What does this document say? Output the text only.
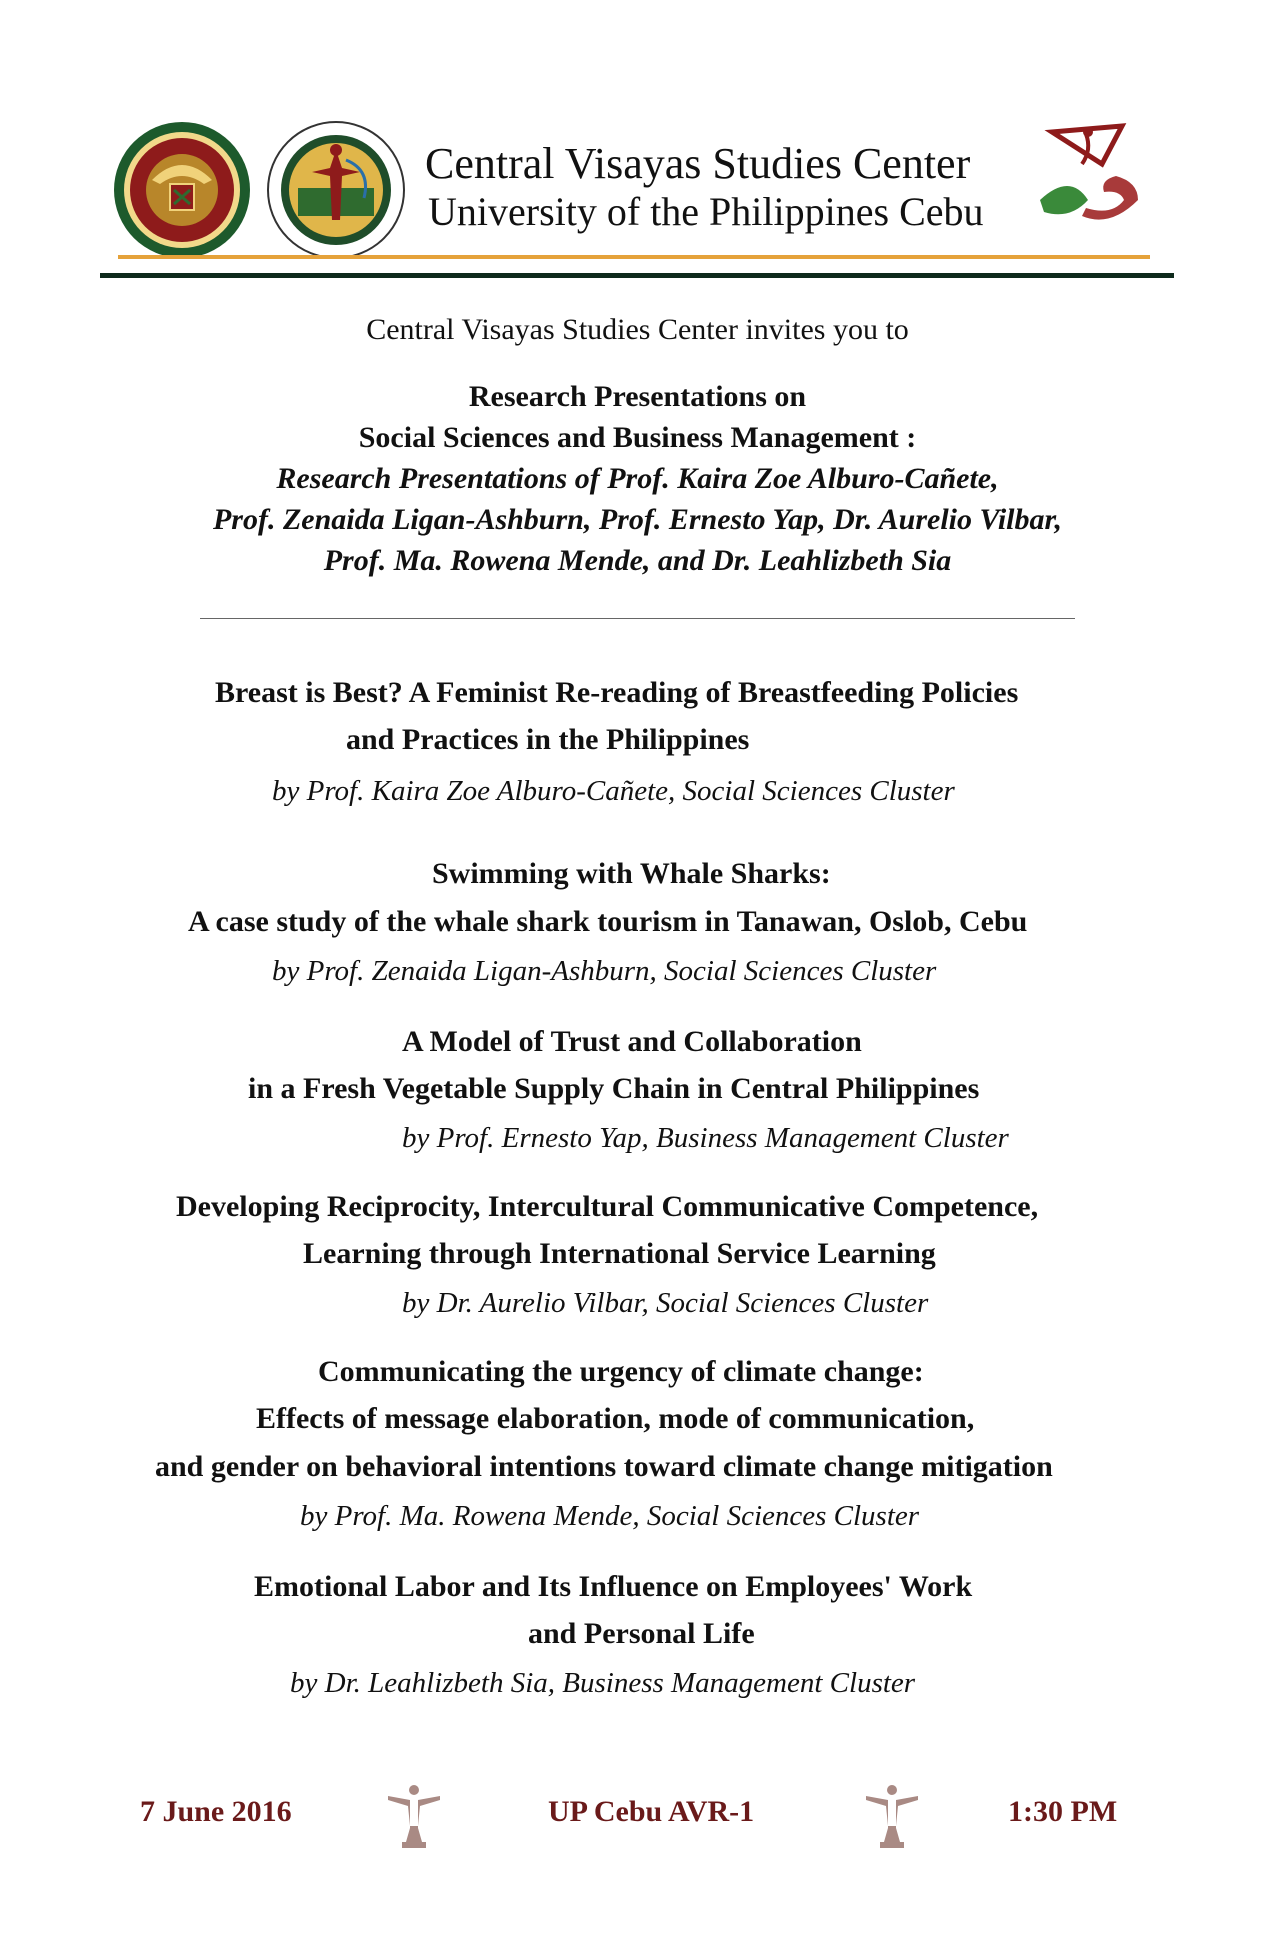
Central Visayas Studies Center
University of the Philippines Cebu
Central Visayas Studies Center invites you to
Research Presentations on
Social Sciences and Business Management :
Research Presentations of Prof. Kaira Zoe Alburo-Cañete,
Prof. Zenaida Ligan-Ashburn, Prof. Ernesto Yap, Dr. Aurelio Vilbar,
Prof. Ma. Rowena Mende, and Dr. Leahlizbeth Sia
Breast is Best? A Feminist Re-reading of Breastfeeding Policies
and Practices in the Philippines
by Prof. Kaira Zoe Alburo-Cañete, Social Sciences Cluster
Swimming with Whale Sharks:
A case study of the whale shark tourism in Tanawan, Oslob, Cebu
by Prof. Zenaida Ligan-Ashburn, Social Sciences Cluster
A Model of Trust and Collaboration
in a Fresh Vegetable Supply Chain in Central Philippines
by Prof. Ernesto Yap, Business Management Cluster
Developing Reciprocity, Intercultural Communicative Competence,
Learning through International Service Learning
by Dr. Aurelio Vilbar, Social Sciences Cluster
Communicating the urgency of climate change:
Effects of message elaboration, mode of communication,
and gender on behavioral intentions toward climate change mitigation
by Prof. Ma. Rowena Mende, Social Sciences Cluster
Emotional Labor and Its Influence on Employees' Work
and Personal Life
by Dr. Leahlizbeth Sia, Business Management Cluster
7 June 2016	UP Cebu AVR-1	1:30 PM
